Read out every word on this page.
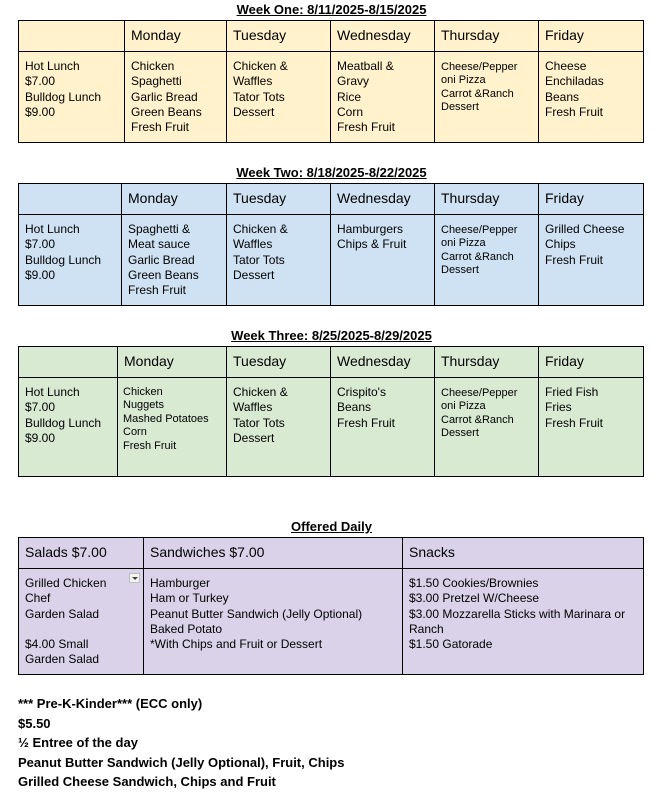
Week One: 8/11/2025-8/15/2025

	Monday	Tuesday	Wednesday	Thursday	Friday

Hot Lunch
$7.00
Bulldog Lunch
$9.00	Chicken
Spaghetti
Garlic Bread
Green Beans
Fresh Fruit	Chicken &
Waffles
Tator Tots
Dessert	Meatball &
Gravy
Rice
Corn
Fresh Fruit	Cheese/Pepper
oni Pizza
Carrot &Ranch
Dessert	Cheese
Enchiladas
Beans
Fresh Fruit
Week Two: 8/18/2025-8/22/2025

	Monday	Tuesday	Wednesday	Thursday	Friday

Hot Lunch
$7.00
Bulldog Lunch
$9.00	Spaghetti &
Meat sauce
Garlic Bread
Green Beans
Fresh Fruit	Chicken &
Waffles
Tator Tots
Dessert	Hamburgers
Chips & Fruit	Cheese/Pepper
oni Pizza
Carrot &Ranch
Dessert	Grilled Cheese
Chips
Fresh Fruit
Week Three: 8/25/2025-8/29/2025

	Monday	Tuesday	Wednesday	Thursday	Friday

Hot Lunch
$7.00
Bulldog Lunch
$9.00	Chicken
Nuggets
Mashed Potatoes
Corn
Fresh Fruit	Chicken &
Waffles
Tator Tots
Dessert	Crispito's
Beans
Fresh Fruit	Cheese/Pepper
oni Pizza
Carrot &Ranch
Dessert	Fried Fish
Fries
Fresh Fruit
Offered Daily
Salads $7.00	Sandwiches $7.00	Snacks

Grilled Chicken
Chef
Garden Salad
$4.00 Small
Garden Salad	Hamburger
Ham or Turkey
Peanut Butter Sandwich (Jelly Optional)
Baked Potato
*With Chips and Fruit or Dessert	$1.50 Cookies/Brownies
$3.00 Pretzel W/Cheese
$3.00 Mozzarella Sticks with Marinara or Ranch
$1.50 Gatorade
*** Pre-K-Kinder*** (ECC only)
$5.50
½ Entree of the day
Peanut Butter Sandwich (Jelly Optional), Fruit, Chips
Grilled Cheese Sandwich, Chips and Fruit
